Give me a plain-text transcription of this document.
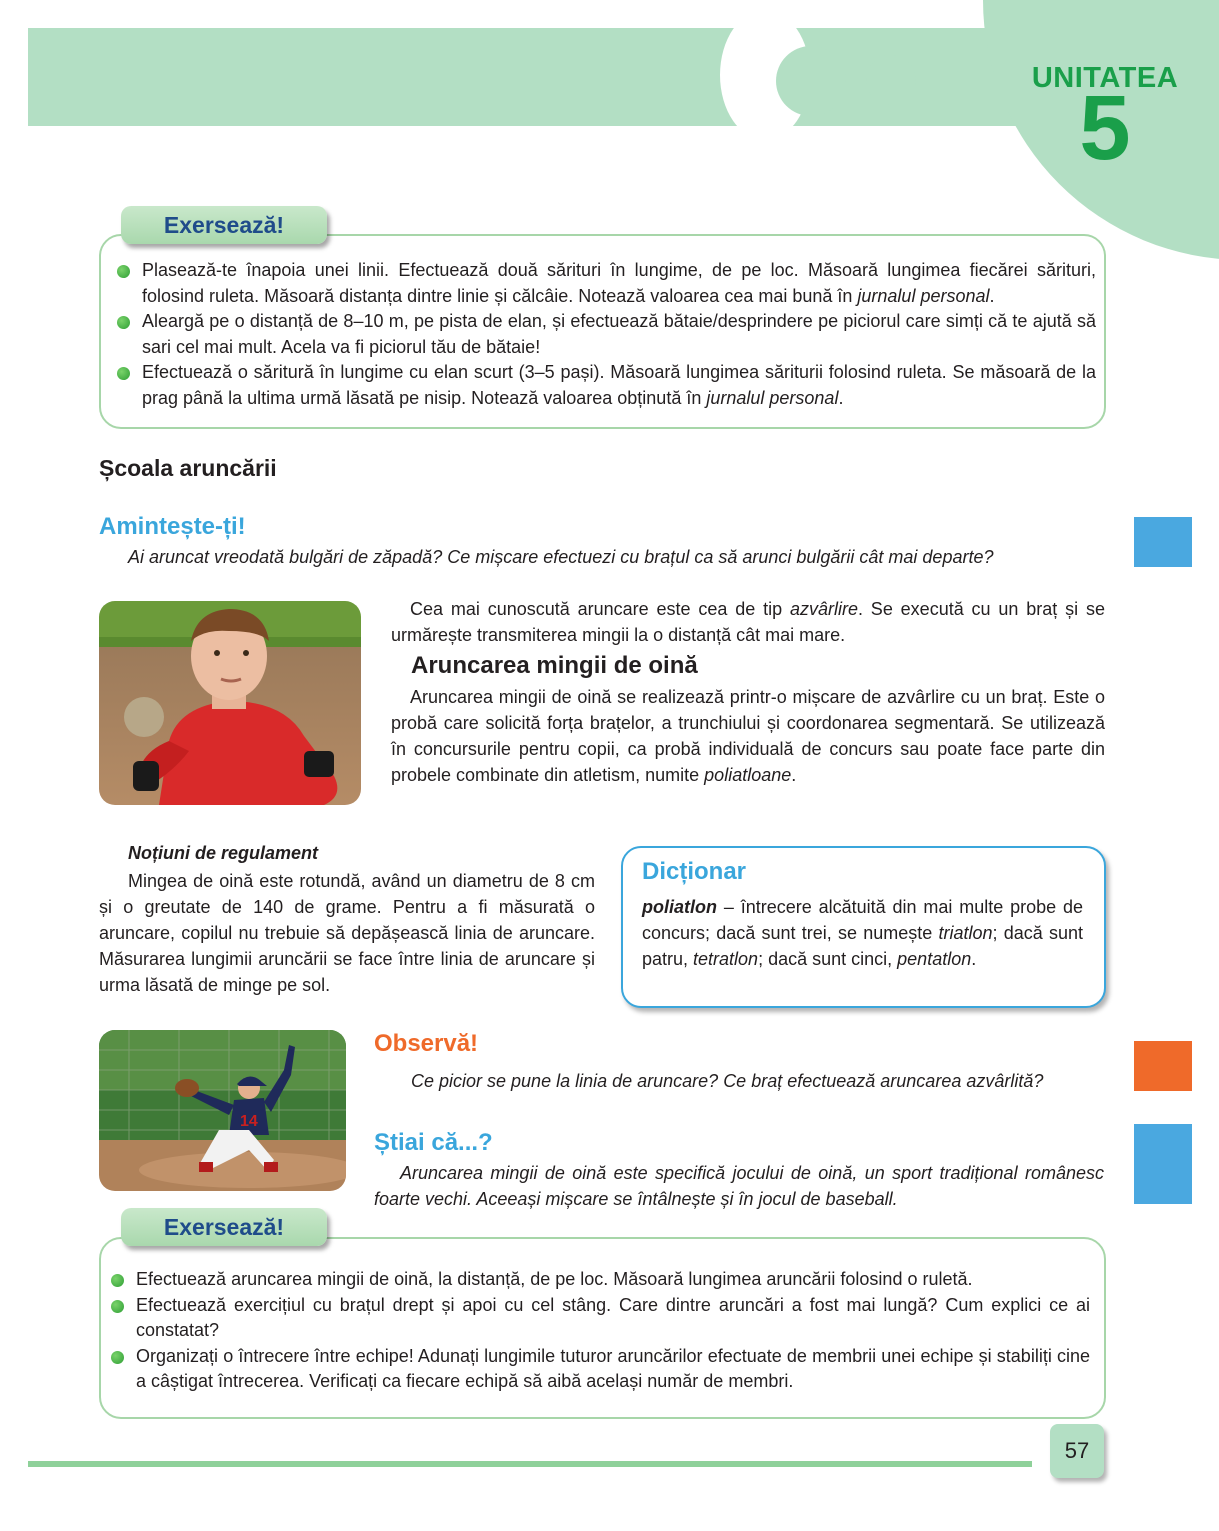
UNITATEA
5
Exersează!
Plasează-te înapoia unei linii. Efectuează două sărituri în lungime, de pe loc. Măsoară lungimea fiecărei sărituri, folosind ruleta. Măsoară distanța dintre linie și călcâie. Notează valoarea cea mai bună în jurnalul personal.
Aleargă pe o distanță de 8–10 m, pe pista de elan, și efectuează bătaie/desprindere pe piciorul care simți că te ajută să sari cel mai mult. Acela va fi piciorul tău de bătaie!
Efectuează o săritură în lungime cu elan scurt (3–5 pași). Măsoară lungimea săriturii folosind ruleta. Se măsoară de la prag până la ultima urmă lăsată pe nisip. Notează valoarea obținută în jurnalul personal.
Școala aruncării
Amintește-ți!
Ai aruncat vreodată bulgări de zăpadă? Ce mișcare efectuezi cu brațul ca să arunci bulgării cât mai departe?
Cea mai cunoscută aruncare este cea de tip azvârlire. Se execută cu un braț și se urmărește transmiterea mingii la o distanță cât mai mare.
Aruncarea mingii de oină
Aruncarea mingii de oină se realizează printr-o mișcare de azvârlire cu un braț. Este o probă care solicită forța brațelor, a trunchiului și coordonarea segmentară. Se utilizează în concursurile pentru copii, ca probă individuală de concurs sau poate face parte din probele combinate din atletism, numite poliatloane.
Noțiuni de regulament
Mingea de oină este rotundă, având un diametru de 8 cm și o greutate de 140 de grame. Pentru a fi măsurată o aruncare, copilul nu trebuie să depășească linia de aruncare. Măsurarea lungimii aruncării se face între linia de aruncare și urma lăsată de minge pe sol.
Dicționar
poliatlon – întrecere alcătuită din mai multe probe de concurs; dacă sunt trei, se numește triatlon; dacă sunt patru, tetratlon; dacă sunt cinci, pentatlon.
14
Observă!
Ce picior se pune la linia de aruncare? Ce braț efectuează aruncarea azvârlită?
Știai că...?
Aruncarea mingii de oină este specifică jocului de oină, un sport tradițional românesc foarte vechi. Aceeași mișcare se întâlnește și în jocul de baseball.
Exersează!
Efectuează aruncarea mingii de oină, la distanță, de pe loc. Măsoară lungimea aruncării folosind o ruletă.
Efectuează exercițiul cu brațul drept și apoi cu cel stâng. Care dintre aruncări a fost mai lungă? Cum explici ce ai constatat?
Organizați o întrecere între echipe! Adunați lungimile tuturor aruncărilor efectuate de membrii unei echipe și stabiliți cine a câștigat întrecerea. Verificați ca fiecare echipă să aibă același număr de membri.
57
